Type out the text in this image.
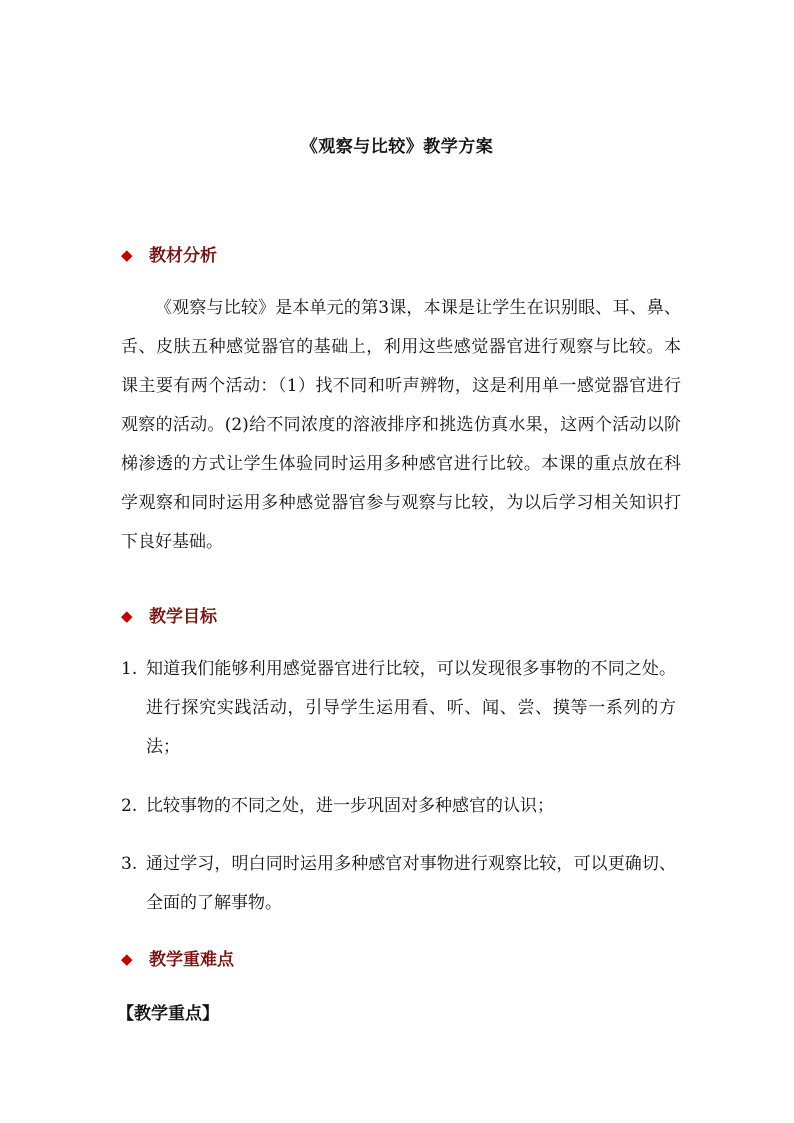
《观察与比较》教学方案
◆ 教材分析
《观察与比较》是本单元的第3课，本课是让学生在识别眼、耳、鼻、舌、皮肤五种感觉器官的基础上，利用这些感觉器官进行观察与比较。本课主要有两个活动：（1）找不同和听声辨物，这是利用单一感觉器官进行观察的活动。(2)给不同浓度的溶液排序和挑选仿真水果，这两个活动以阶梯渗透的方式让学生体验同时运用多种感官进行比较。本课的重点放在科学观察和同时运用多种感觉器官参与观察与比较，为以后学习相关知识打下良好基础。
◆ 教学目标
1. 知道我们能够利用感觉器官进行比较，可以发现很多事物的不同之处。进行探究实践活动，引导学生运用看、听、闻、尝、摸等一系列的方法；
2. 比较事物的不同之处，进一步巩固对多种感官的认识；
3. 通过学习，明白同时运用多种感官对事物进行观察比较，可以更确切、全面的了解事物。
◆ 教学重难点
【教学重点】
